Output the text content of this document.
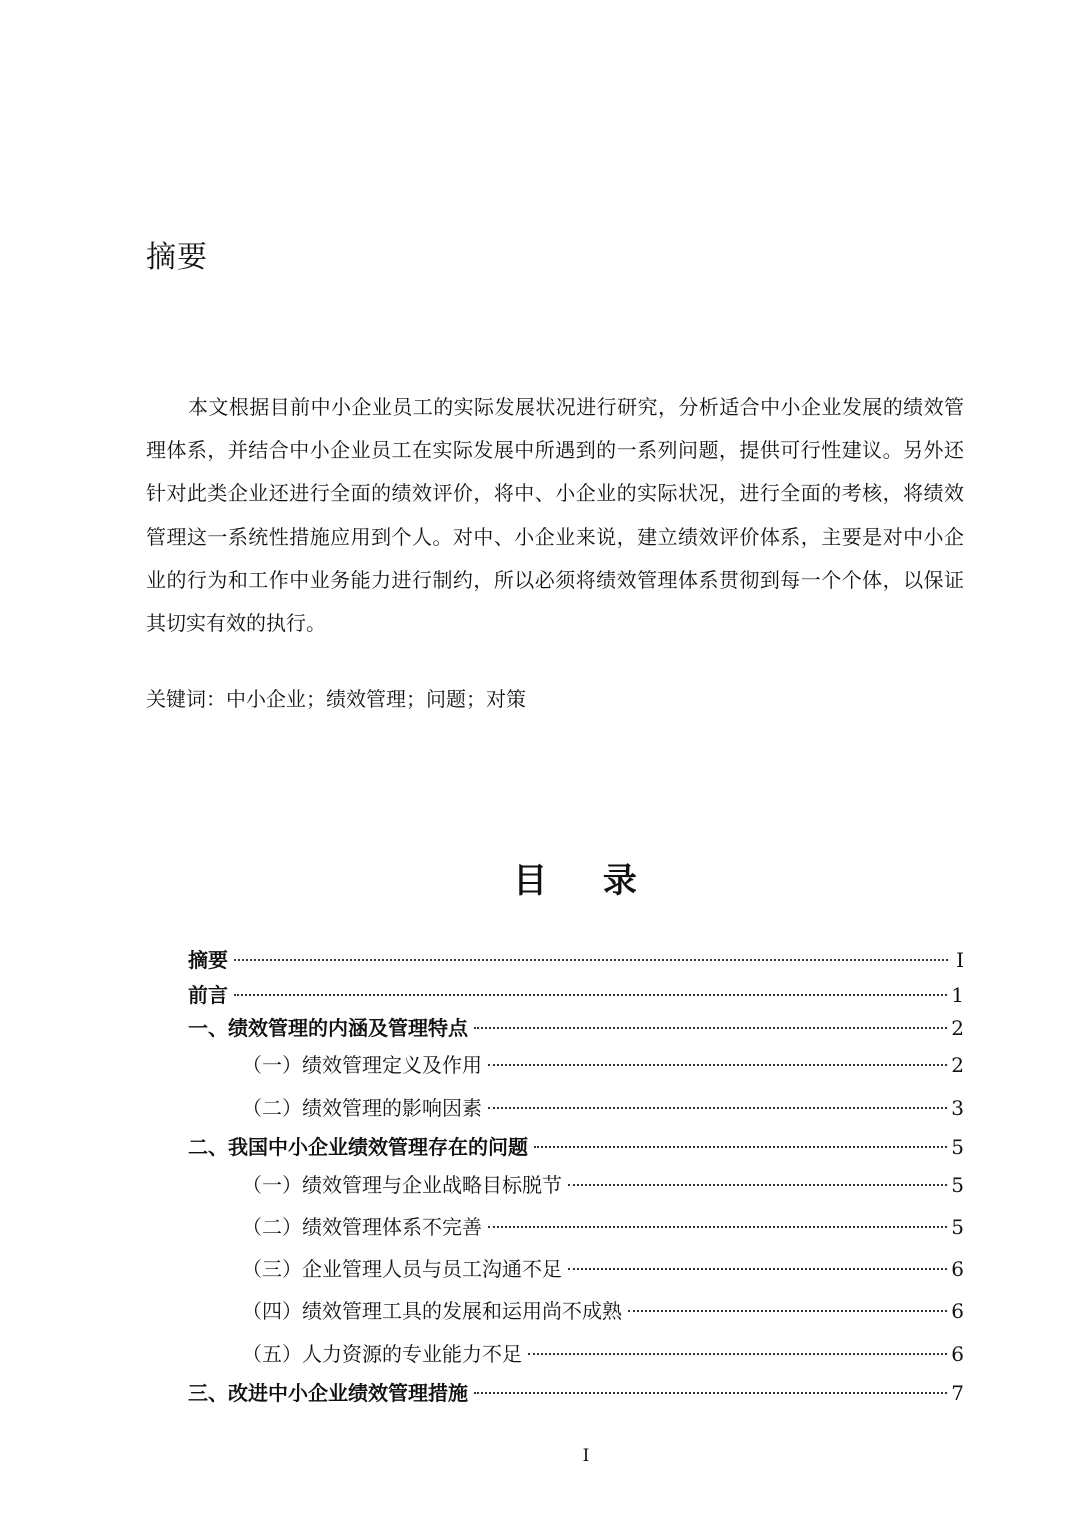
摘要

本文根据目前中小企业员工的实际发展状况进行研究，分析适合中小企业发展的绩效管理体系，并结合中小企业员工在实际发展中所遇到的一系列问题，提供可行性建议。另外还针对此类企业还进行全面的绩效评价，将中、小企业的实际状况，进行全面的考核，将绩效管理这一系统性措施应用到个人。对中、小企业来说，建立绩效评价体系，主要是对中小企业的行为和工作中业务能力进行制约，所以必须将绩效管理体系贯彻到每一个个体，以保证其切实有效的执行。

关键词：中小企业；绩效管理；问题；对策

目 录
摘要	I
前言	1
一、绩效管理的内涵及管理特点	2
（一）绩效管理定义及作用	2
（二）绩效管理的影响因素	3
二、我国中小企业绩效管理存在的问题	5
（一）绩效管理与企业战略目标脱节	5
（二）绩效管理体系不完善	5
（三）企业管理人员与员工沟通不足	6
（四）绩效管理工具的发展和运用尚不成熟	6
（五）人力资源的专业能力不足	6
三、改进中小企业绩效管理措施	7

I
